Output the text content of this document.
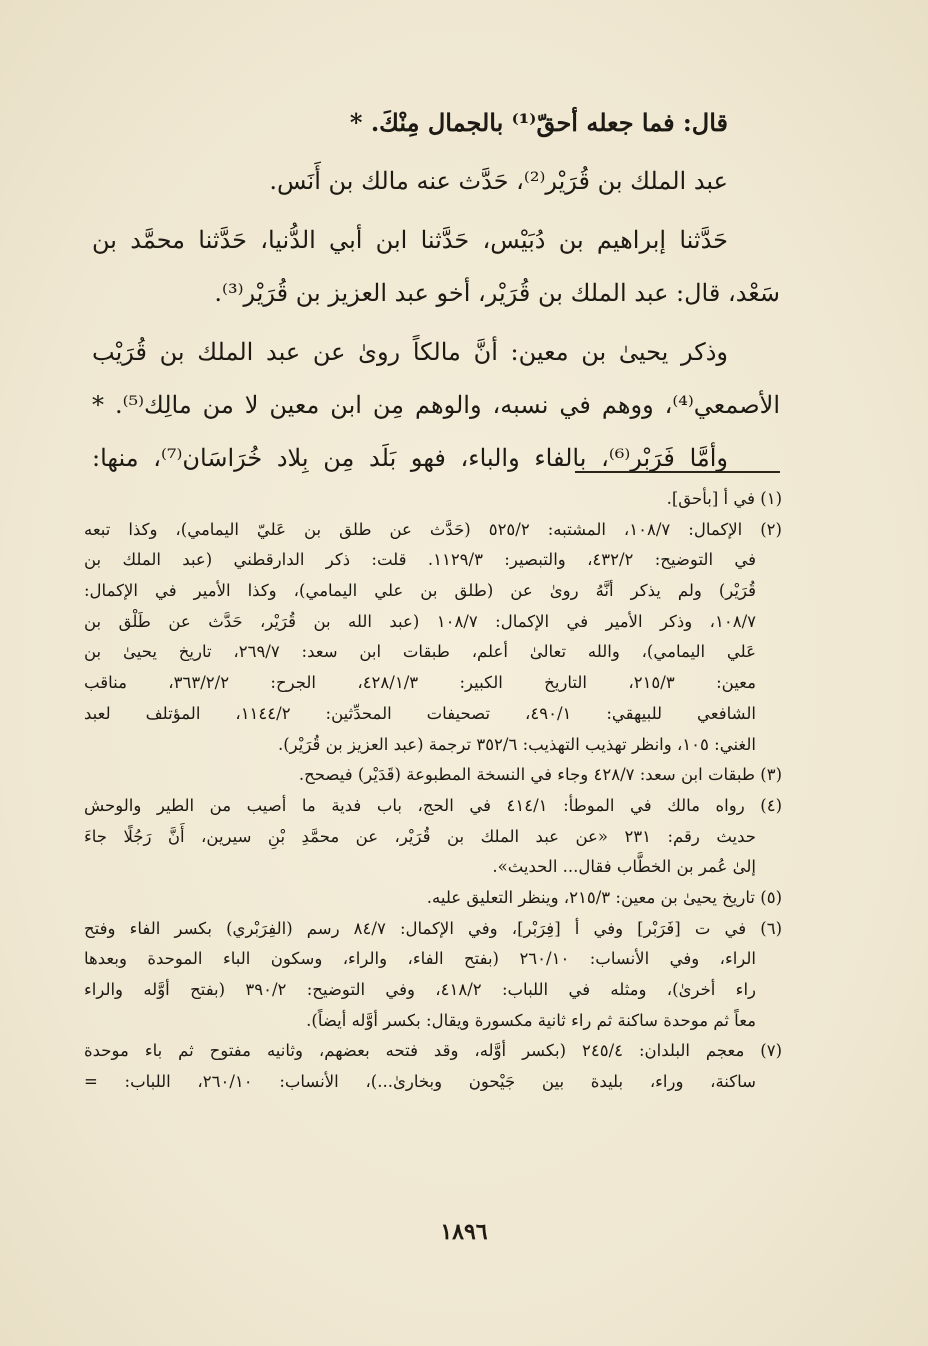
قال: فما جعله أحقّ⁽¹⁾ بالجمال مِنْكَ. *
عبد الملك بن قُرَيْر⁽²⁾، حَدَّث عنه مالك بن أَنَس.
حَدَّثنا إبراهيم بن دُبَيْس، حَدَّثنا ابن أبي الدُّنيا، حَدَّثنا محمَّد بن
سَعْد، قال: عبد الملك بن قُرَيْر، أخو عبد العزيز بن قُرَيْر⁽³⁾.
وذكر يحيىٰ بن معين: أنَّ مالكاً روىٰ عن عبد الملك بن قُرَيْب
الأصمعي⁽⁴⁾، ووهم في نسبه، والوهم مِن ابن معين لا من مالِك⁽⁵⁾. *
وأمَّا فَرَبْر⁽⁶⁾، بالفاء والباء، فهو بَلَد مِن بِلاد خُرَاسَان⁽⁷⁾، منها:
(١) في أ [بأحق].
(٢) الإكمال: ١٠٨/٧، المشتبه: ٥٢٥/٢ (حَدَّث عن طلق بن عَليّ اليمامي)، وكذا تبعه
في التوضيح: ٤٣٢/٢، والتبصير: ١١٢٩/٣. قلت: ذكر الدارقطني (عبد الملك بن
قُرَيْر) ولم يذكر أنَّهُ روىٰ عن (طلق بن علي اليمامي)، وكذا الأمير في الإكمال:
١٠٨/٧، وذكر الأمير في الإكمال: ١٠٨/٧ (عبد الله بن قُرَيْر، حَدَّث عن طَلْق بن
عَلي اليمامي)، والله تعالىٰ أعلم، طبقات ابن سعد: ٢٦٩/٧، تاريخ يحيىٰ بن
معين: ٢١٥/٣، التاريخ الكبير: ٤٢٨/١/٣، الجرح: ٣٦٣/٢/٢، مناقب
الشافعي للبيهقي: ٤٩٠/١، تصحيفات المحدِّثين: ١١٤٤/٢، المؤتلف لعبد
الغني: ١٠٥، وانظر تهذيب التهذيب: ٣٥٢/٦ ترجمة (عبد العزيز بن قُرَيْر).
(٣) طبقات ابن سعد: ٤٢٨/٧ وجاء في النسخة المطبوعة (قَدَيْر) فيصحح.
(٤) رواه مالك في الموطأ: ٤١٤/١ في الحج، باب فدية ما أصيب من الطير والوحش
حديث رقم: ٢٣١ «عن عبد الملك بن قُرَيْر، عن محمَّدِ بْنِ سيرين، أَنَّ رَجُلًا جاءَ
إلىٰ عُمر بن الخطَّاب فقال... الحديث».
(٥) تاريخ يحيىٰ بن معين: ٢١٥/٣، وينظر التعليق عليه.
(٦) في ت [فَرَبْر] وفي أ [فِرَبْر]، وفي الإكمال: ٨٤/٧ رسم (الفِرَبْري) بكسر الفاء وفتح
الراء، وفي الأنساب: ٢٦٠/١٠ (بفتح الفاء، والراء، وسكون الباء الموحدة وبعدها
راء أخرىٰ)، ومثله في اللباب: ٤١٨/٢، وفي التوضيح: ٣٩٠/٢ (بفتح أوَّله والراء
معاً ثم موحدة ساكنة ثم راء ثانية مكسورة ويقال: بكسر أوَّله أيضاً).
(٧) معجم البلدان: ٢٤٥/٤ (بكسر أوَّله، وقد فتحه بعضهم، وثانيه مفتوح ثم باء موحدة
ساكنة، وراء، بليدة بين جَيْحون وبخارىٰ...)، الأنساب: ٢٦٠/١٠، اللباب: =
١٨٩٦
